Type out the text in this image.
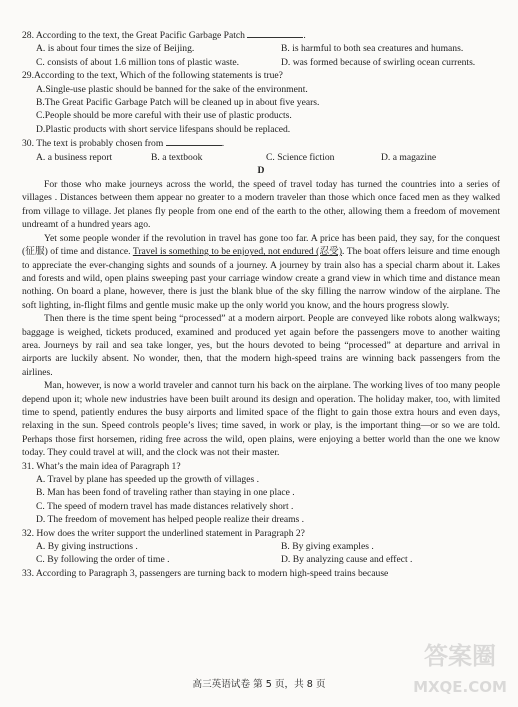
28. According to the text, the Great Pacific Garbage Patch	.
A. is about four times the size of Beijing.	B. is harmful to both sea creatures and humans.
C. consists of about 1.6 million tons of plastic waste.	D. was formed because of swirling ocean currents.
29.According to the text, Which of the following statements is true?
A.Single-use plastic should be banned for the sake of the environment.
B.The Great Pacific Garbage Patch will be cleaned up in about five years.
C.People should be more careful with their use of plastic products.
D.Plastic products with short service lifespans should be replaced.
30. The text is probably chosen from	.
A. a business report	B. a textbook	C. Science fiction	D. a magazine
D
For those who make journeys across the world, the speed of travel today has turned the countries into a series of villages . Distances between them appear no greater to a modern traveler than those which once faced men as they walked from village to village. Jet planes fly people from one end of the earth to the other, allowing them a freedom of movement undreamt of a hundred years ago.
Yet some people wonder if the revolution in travel has gone too far. A price has been paid, they say, for the conquest (征服) of time and distance. Travel is something to be enjoyed, not endured (忍受). The boat offers leisure and time enough to appreciate the ever-changing sights and sounds of a journey. A journey by train also has a special charm about it. Lakes and forests and wild, open plains sweeping past your carriage window create a grand view in which time and distance mean nothing. On board a plane, however, there is just the blank blue of the sky filling the narrow window of the airplane. The soft lighting, in-flight films and gentle music make up the only world you know, and the hours progress slowly.
Then there is the time spent being “processed” at a modern airport. People are conveyed like robots along walkways; baggage is weighed, tickets produced, examined and produced yet again before the passengers move to another waiting area. Journeys by rail and sea take longer, yes, but the hours devoted to being “processed” at departure and arrival in airports are luckily absent. No wonder, then, that the modern high-speed trains are winning back passengers from the airlines.
Man, however, is now a world traveler and cannot turn his back on the airplane. The working lives of too many people depend upon it; whole new industries have been built around its design and operation. The holiday maker, too, with limited time to spend, patiently endures the busy airports and limited space of the flight to gain those extra hours and even days, relaxing in the sun. Speed controls people’s lives; time saved, in work or play, is the important thing—or so we are told. Perhaps those first horsemen, riding free across the wild, open plains, were enjoying a better world than the one we know today. They could travel at will, and the clock was not their master.
31. What’s the main idea of Paragraph 1?
A. Travel by plane has speeded up the growth of villages .
B. Man has been fond of traveling rather than staying in one place .
C. The speed of modern travel has made distances relatively short .
D. The freedom of movement has helped people realize their dreams .
32. How does the writer support the underlined statement in Paragraph 2?
A. By giving instructions .	B. By giving examples .
C. By following the order of time .	D. By analyzing cause and effect .
33. According to Paragraph 3, passengers are turning back to modern high-speed trains because
答案圈
MXQE.COM
高三英语试卷 第 5 页，共 8 页
